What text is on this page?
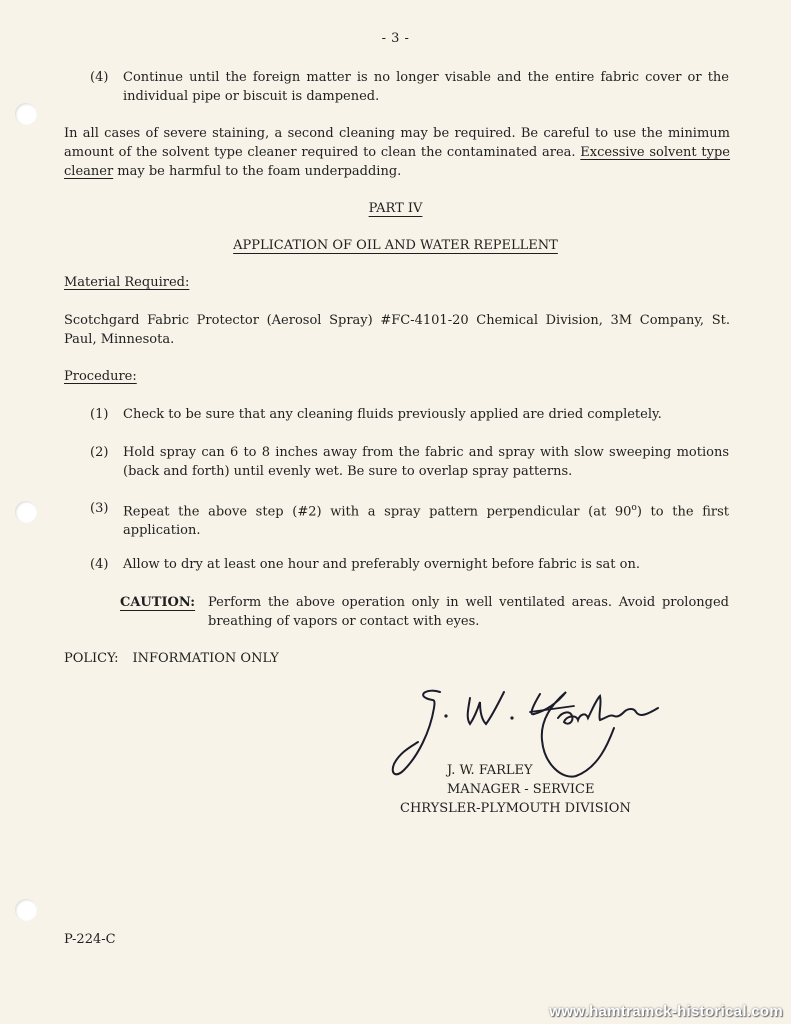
- 3 -
(4) Continue until the foreign matter is no longer visable and the entire fabric cover or the individual pipe or biscuit is dampened.
In all cases of severe staining, a second cleaning may be required. Be careful to use the minimum amount of the solvent type cleaner required to clean the contaminated area. Excessive solvent type cleaner may be harmful to the foam underpadding.
PART IV
APPLICATION OF OIL AND WATER REPELLENT
Material Required:
Scotchgard Fabric Protector (Aerosol Spray) #FC-4101-20 Chemical Division, 3M Company, St. Paul, Minnesota.
Procedure:
(1) Check to be sure that any cleaning fluids previously applied are dried completely.
(2) Hold spray can 6 to 8 inches away from the fabric and spray with slow sweeping motions (back and forth) until evenly wet. Be sure to overlap spray patterns.
(3) Repeat the above step (#2) with a spray pattern perpendicular (at 90$^o$) to the first application.
(4) Allow to dry at least one hour and preferably overnight before fabric is sat on.
CAUTION: Perform the above operation only in well ventilated areas. Avoid prolonged breathing of vapors or contact with eyes.
POLICY: INFORMATION ONLY
J. W. FARLEY
MANAGER - SERVICE
CHRYSLER-PLYMOUTH DIVISION
P-224-C
www.hamtramck-historical.com
